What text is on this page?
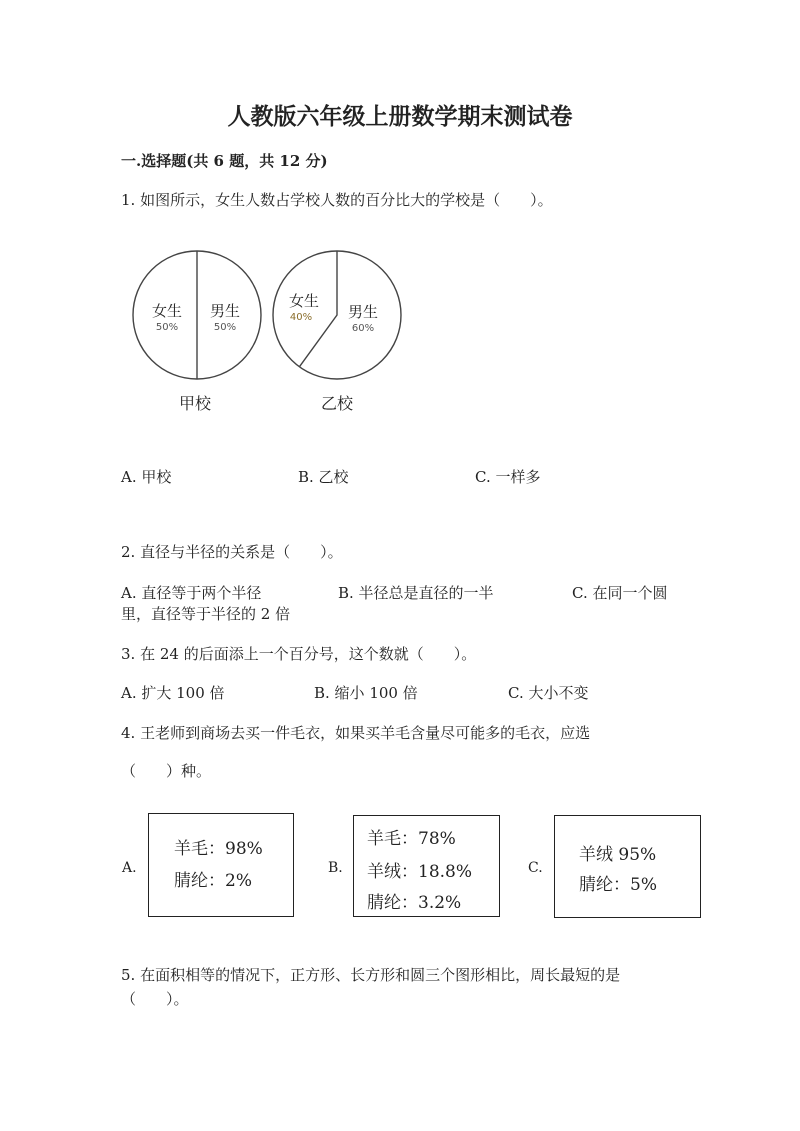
人教版六年级上册数学期末测试卷
一.选择题(共 6 题，共 12 分)
1. 如图所示，女生人数占学校人数的百分比大的学校是（　　）。
女生
50%
男生
50%
甲校
女生
40% 男生
60%
乙校
A. 甲校	B. 乙校	C. 一样多
2. 直径与半径的关系是（　　）。
A. 直径等于两个半径	B. 半径总是直径的一半	C. 在同一个圆
里，直径等于半径的 2 倍
3. 在 24 的后面添上一个百分号，这个数就（　　）。
A. 扩大 100 倍	B. 缩小 100 倍	C. 大小不变
4. 王老师到商场去买一件毛衣，如果买羊毛含量尽可能多的毛衣，应选
（　　）种。
A.
羊毛：98%
腈纶：2%
B.
羊毛：78%
羊绒：18.8%
腈纶：3.2%
C.
羊绒 95%
腈纶：5%
5. 在面积相等的情况下，正方形、长方形和圆三个图形相比，周长最短的是
（　　）。
